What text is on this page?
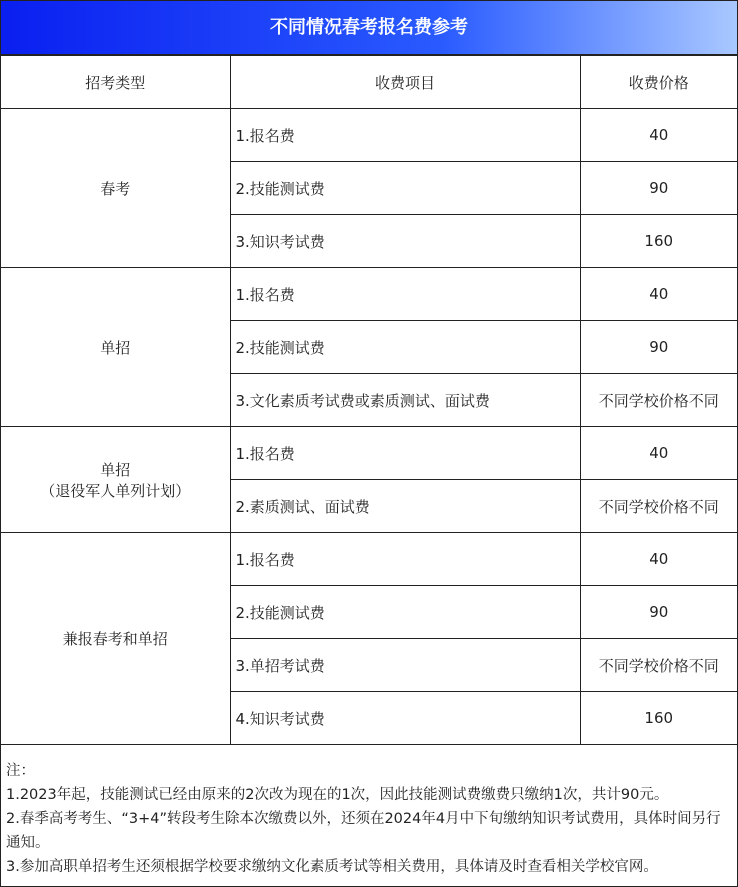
不同情况春考报名费参考
招考类型	收费项目	收费价格

春考	1.报名费	40
	2.技能测试费	90
	3.知识考试费	160

单招	1.报名费	40
	2.技能测试费	90
	3.文化素质考试费或素质测试、面试费	不同学校价格不同

单招
（退役军人单列计划）	1.报名费	40
	2.素质测试、面试费	不同学校价格不同

兼报春考和单招	1.报名费	40
	2.技能测试费	90
	3.单招考试费	不同学校价格不同
	4.知识考试费	160
注：
1.2023年起，技能测试已经由原来的2次改为现在的1次，因此技能测试费缴费只缴纳1次，共计90元。
2.春季高考考生、“3+4”转段考生除本次缴费以外，还须在2024年4月中下旬缴纳知识考试费用，具体时间另行通知。
3.参加高职单招考生还须根据学校要求缴纳文化素质考试等相关费用，具体请及时查看相关学校官网。
